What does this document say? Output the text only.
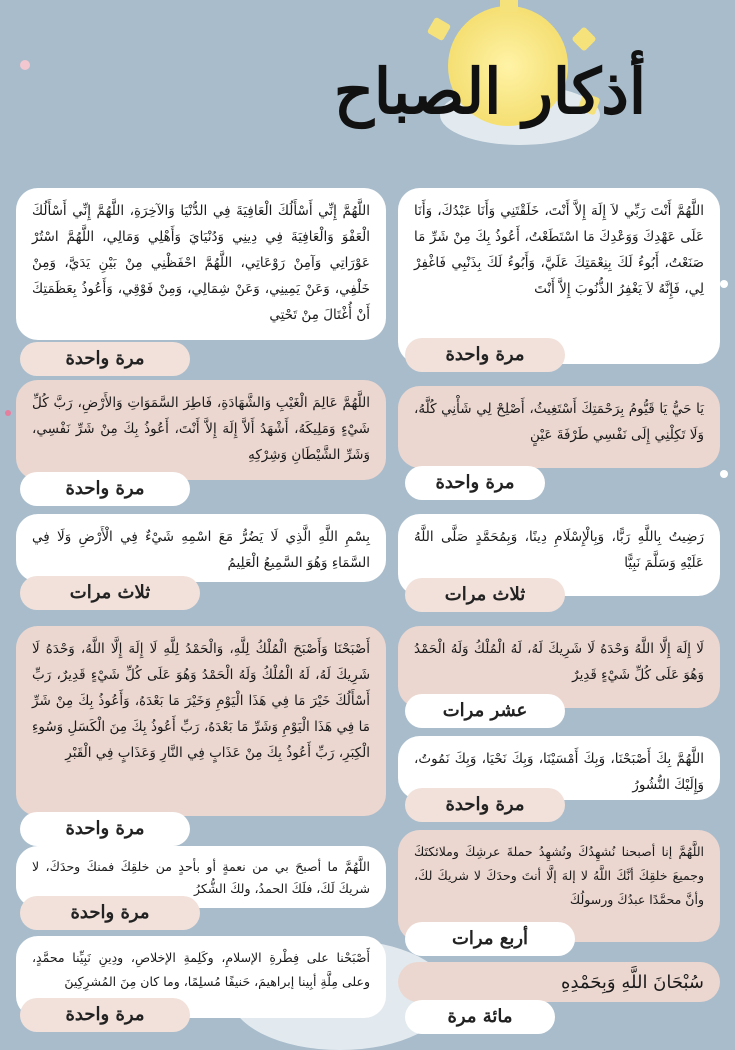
أذكار الصباح
اللَّهُمَّ أَنْتَ رَبِّي لاَ إِلَهَ إِلاَّ أَنْتَ، خَلَقْتَنِي وَأَنَا عَبْدُكَ، وَأَنَا عَلَى عَهْدِكَ وَوَعْدِكَ مَا اسْتَطَعْتُ، أَعُوذُ بِكَ مِنْ شَرِّ مَا صَنَعْتُ، أَبُوءُ لَكَ بِنِعْمَتِكَ عَلَيَّ، وَأَبُوءُ لَكَ بِذَنْبِي فَاغْفِرْ لِي، فَإِنَّهُ لاَ يَغْفِرُ الذُّنُوبَ إِلاَّ أَنْتَ
مرة واحدة
اللَّهُمَّ إِنِّي أَسْأَلُكَ الْعَافِيَةَ فِي الدُّنْيَا وَالآخِرَةِ، اللَّهُمَّ إِنِّي أَسْأَلُكَ الْعَفْوَ وَالْعَافِيَةَ فِي دِينِي وَدُنْيَايَ وَأَهْلِي وَمَالِي، اللَّهُمَّ اسْتُرْ عَوْرَاتِي وَآمِنْ رَوْعَاتِي، اللَّهُمَّ احْفَظْنِي مِنْ بَيْنِ يَدَيَّ، وَمِنْ خَلْفِي، وَعَنْ يَمِينِي، وَعَنْ شِمَالِي، وَمِنْ فَوْقِي، وَأَعُوذُ بِعَظَمَتِكَ أَنْ أُغْتَالَ مِنْ تَحْتِي
مرة واحدة
يَا حَيُّ يَا قَيُّومُ بِرَحْمَتِكَ أَسْتَغِيثُ، أَصْلِحْ لِي شَأْنِي كُلَّهُ، وَلَا تَكِلْنِي إِلَى نَفْسِي طَرْفَةَ عَيْنٍ
مرة واحدة
اللَّهُمَّ عَالِمَ الْغَيْبِ وَالشَّهَادَةِ، فَاطِرَ السَّمَوَاتِ وَالأَرْضِ، رَبَّ كُلِّ شَيْءٍ وَمَلِيكَهُ، أَشْهَدُ أَلاَّ إِلَهَ إِلاَّ أَنْتَ، أَعُوذُ بِكَ مِنْ شَرِّ نَفْسِي، وَشَرِّ الشَّيْطَانِ وَشِرْكِهِ
مرة واحدة
رَضِيتُ بِاللَّهِ رَبًّا، وَبِالْإِسْلَامِ دِينًا، وَبِمُحَمَّدٍ صَلَّى اللَّهُ عَلَيْهِ وَسَلَّمَ نَبِيًّا
ثلاث مرات
بِسْمِ اللَّهِ الَّذِي لَا يَضُرُّ مَعَ اسْمِهِ شَيْءٌ فِي الْأَرْضِ وَلَا فِي السَّمَاءِ وَهُوَ السَّمِيعُ الْعَلِيمُ
ثلاث مرات
لَا إِلَهَ إِلَّا اللَّهُ وَحْدَهُ لَا شَرِيكَ لَهُ، لَهُ الْمُلْكُ وَلَهُ الْحَمْدُ وَهُوَ عَلَى كُلِّ شَيْءٍ قَدِيرٌ
عشر مرات
أَصْبَحْنَا وَأَصْبَحَ الْمُلْكُ لِلَّهِ، وَالْحَمْدُ لِلَّهِ لَا إِلَهَ إِلَّا اللَّهُ، وَحْدَهُ لَا شَرِيكَ لَهُ، لَهُ الْمُلْكُ وَلَهُ الْحَمْدُ وَهُوَ عَلَى كُلِّ شَيْءٍ قَدِيرٌ، رَبِّ أَسْأَلُكَ خَيْرَ مَا فِي هَذَا الْيَوْمِ وَخَيْرَ مَا بَعْدَهُ، وَأَعُوذُ بِكَ مِنْ شَرِّ مَا فِي هَذَا الْيَوْمِ وَشَرِّ مَا بَعْدَهُ، رَبِّ أَعُوذُ بِكَ مِنَ الْكَسَلِ وَسُوءِ الْكِبَرِ، رَبِّ أَعُوذُ بِكَ مِنْ عَذَابٍ فِي النَّارِ وَعَذَابٍ فِي الْقَبْرِ
مرة واحدة
اللَّهُمَّ بِكَ أَصْبَحْنَا، وَبِكَ أَمْسَيْنَا، وَبِكَ نَحْيَا، وَبِكَ نَمُوتُ، وَإِلَيْكَ النُّشُورُ
مرة واحدة
اللَّهُمَّ ما أصبحَ بي من نعمةٍ أو بأحدٍ من خلقِكَ فمنكَ وحدَكَ، لا شريكَ لَكَ، فلَكَ الحمدُ، ولكَ الشُّكرُ
مرة واحدة
اللَّهُمَّ إنا أصبحنا نُشهِدُكَ ونُشهِدُ حملةَ عرشِكَ وملائكتَكَ وجميعَ خلقِكَ أنَّكَ اللَّهُ لا إلهَ إلَّا أنتَ وحدَكَ لا شريكَ لكَ، وأنَّ محمَّدًا عبدُكَ ورسولُكَ
أربع مرات
أَصْبَحْنا على فِطْرةِ الإسلامِ، وكَلِمةِ الإخلاصِ، ودِينِ نَبِيِّنا محمَّدٍ، وعلى مِلَّةِ أبِينا إبراهيمَ، حَنيفًا مُسلِمًا، وما كان مِنَ المُشرِكِينَ
مرة واحدة
سُبْحَانَ اللَّهِ وَبِحَمْدِهِ
مائة مرة
